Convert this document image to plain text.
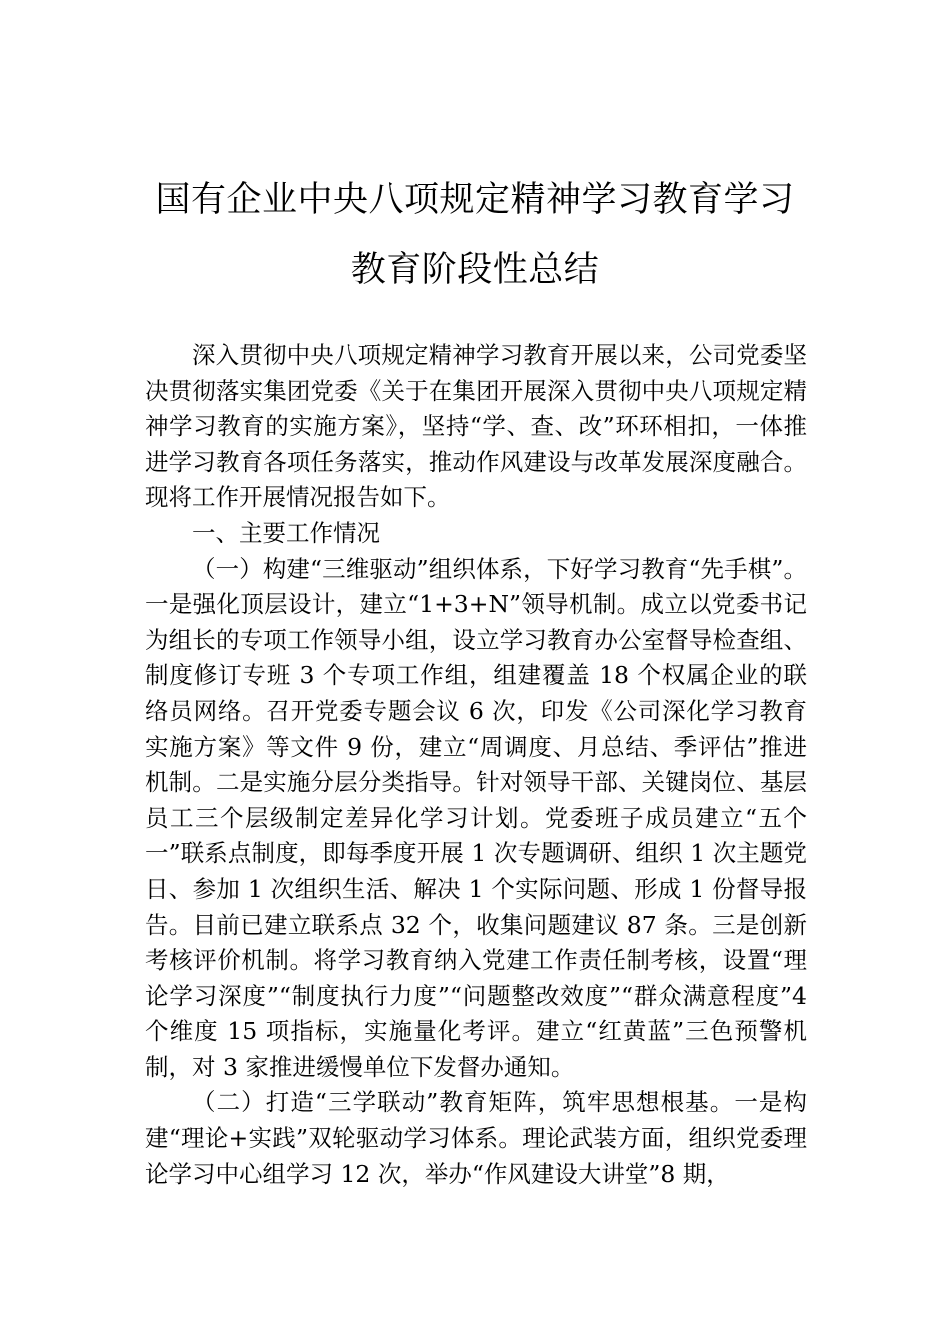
国有企业中央八项规定精神学习教育学习
教育阶段性总结

深入贯彻中央八项规定精神学习教育开展以来，公司党委坚决贯彻落实集团党委《关于在集团开展深入贯彻中央八项规定精神学习教育的实施方案》，坚持“学、查、改”环环相扣，一体推进学习教育各项任务落实，推动作风建设与改革发展深度融合。现将工作开展情况报告如下。

一、主要工作情况

（一）构建“三维驱动”组织体系，下好学习教育“先手棋”。一是强化顶层设计，建立“1+3+N”领导机制。成立以党委书记为组长的专项工作领导小组，设立学习教育办公室督导检查组、制度修订专班 3 个专项工作组，组建覆盖 18 个权属企业的联络员网络。召开党委专题会议 6 次，印发《公司深化学习教育实施方案》等文件 9 份，建立“周调度、月总结、季评估”推进机制。二是实施分层分类指导。针对领导干部、关键岗位、基层员工三个层级制定差异化学习计划。党委班子成员建立“五个一”联系点制度，即每季度开展 1 次专题调研、组织 1 次主题党日、参加 1 次组织生活、解决 1 个实际问题、形成 1 份督导报告。目前已建立联系点 32 个，收集问题建议 87 条。三是创新考核评价机制。将学习教育纳入党建工作责任制考核，设置“理论学习深度”“制度执行力度”“问题整改效度”“群众满意程度”4 个维度 15 项指标，实施量化考评。建立“红黄蓝”三色预警机制，对 3 家推进缓慢单位下发督办通知。

（二）打造“三学联动”教育矩阵，筑牢思想根基。一是构建“理论+实践”双轮驱动学习体系。理论武装方面，组织党委理论学习中心组学习 12 次，举办“作风建设大讲堂”8 期，
